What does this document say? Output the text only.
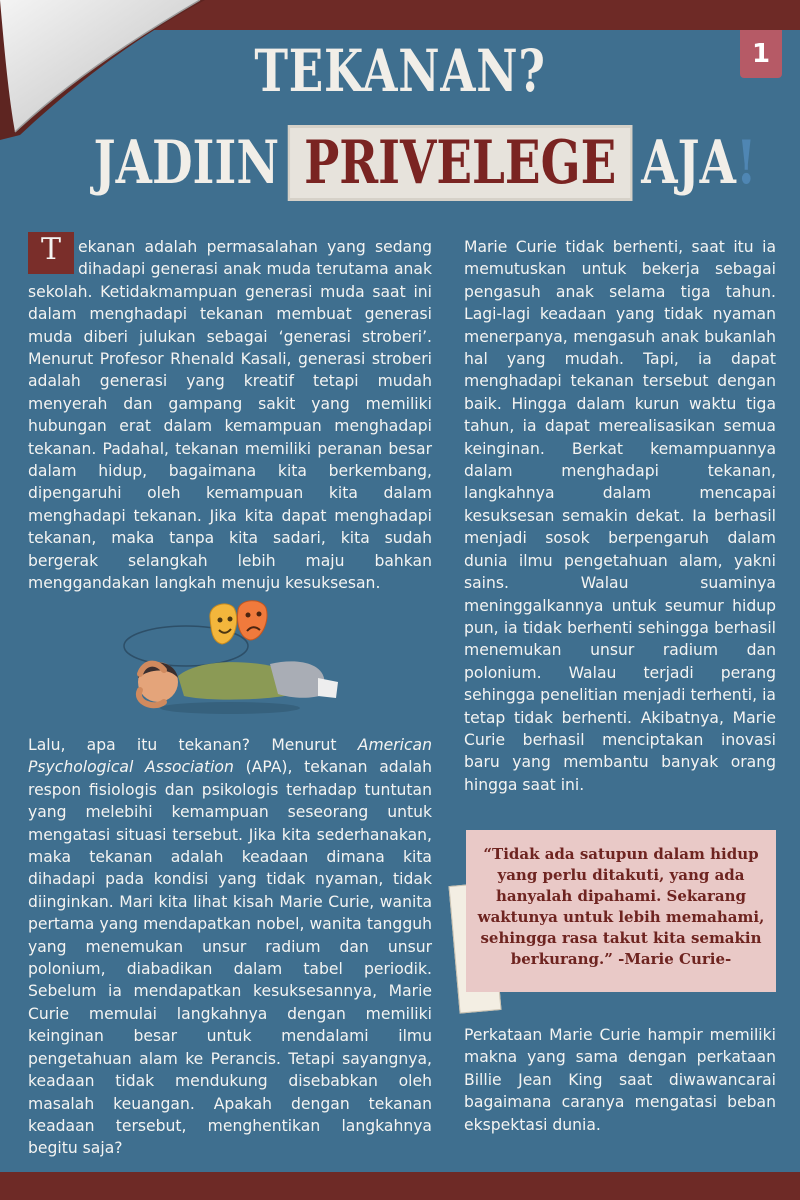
1
TEKANAN?
JADIIN PRIVELEGE AJA!

T	ekanan adalah permasalahan yang sedang dihadapi generasi anak muda terutama anak sekolah. Ketidakmampuan generasi muda saat ini dalam menghadapi tekanan membuat generasi muda diberi julukan sebagai ‘generasi stroberi’. Menurut Profesor Rhenald Kasali, generasi stroberi adalah generasi yang kreatif tetapi mudah menyerah dan gampang sakit yang memiliki hubungan erat dalam kemampuan menghadapi tekanan. Padahal, tekanan memiliki peranan besar dalam hidup, bagaimana kita berkembang, dipengaruhi oleh kemampuan kita dalam menghadapi tekanan. Jika kita dapat menghadapi tekanan, maka tanpa kita sadari, kita sudah bergerak selangkah lebih maju bahkan menggandakan langkah menuju kesuksesan.

Lalu, apa itu tekanan? Menurut American Psychological Association (APA), tekanan adalah respon fisiologis dan psikologis terhadap tuntutan yang melebihi kemampuan seseorang untuk mengatasi situasi tersebut. Jika kita sederhanakan, maka tekanan adalah keadaan dimana kita dihadapi pada kondisi yang tidak nyaman, tidak diinginkan. Mari kita lihat kisah Marie Curie, wanita pertama yang mendapatkan nobel, wanita tangguh yang menemukan unsur radium dan unsur polonium, diabadikan dalam tabel periodik. Sebelum ia mendapatkan kesuksesannya, Marie Curie memulai langkahnya dengan memiliki keinginan besar untuk mendalami ilmu pengetahuan alam ke Perancis. Tetapi sayangnya, keadaan tidak mendukung disebabkan oleh masalah keuangan. Apakah dengan tekanan keadaan tersebut, menghentikan langkahnya begitu saja?

Marie Curie tidak berhenti, saat itu ia memutuskan untuk bekerja sebagai pengasuh anak selama tiga tahun. Lagi-lagi keadaan yang tidak nyaman menerpanya, mengasuh anak bukanlah hal yang mudah. Tapi, ia dapat menghadapi tekanan tersebut dengan baik. Hingga dalam kurun waktu tiga tahun, ia dapat merealisasikan semua keinginan. Berkat kemampuannya dalam menghadapi tekanan, langkahnya dalam mencapai kesuksesan semakin dekat. Ia berhasil menjadi sosok berpengaruh dalam dunia ilmu pengetahuan alam, yakni sains. Walau suaminya meninggalkannya untuk seumur hidup pun, ia tidak berhenti sehingga berhasil menemukan unsur radium dan polonium. Walau terjadi perang sehingga penelitian menjadi terhenti, ia tetap tidak berhenti. Akibatnya, Marie Curie berhasil menciptakan inovasi baru yang membantu banyak orang hingga saat ini.

“Tidak ada satupun dalam hidup yang perlu ditakuti, yang ada hanyalah dipahami. Sekarang waktunya untuk lebih memahami, sehingga rasa takut kita semakin berkurang.” -Marie Curie-

Perkataan Marie Curie hampir memiliki makna yang sama dengan perkataan Billie Jean King saat diwawancarai bagaimana caranya mengatasi beban ekspektasi dunia.
